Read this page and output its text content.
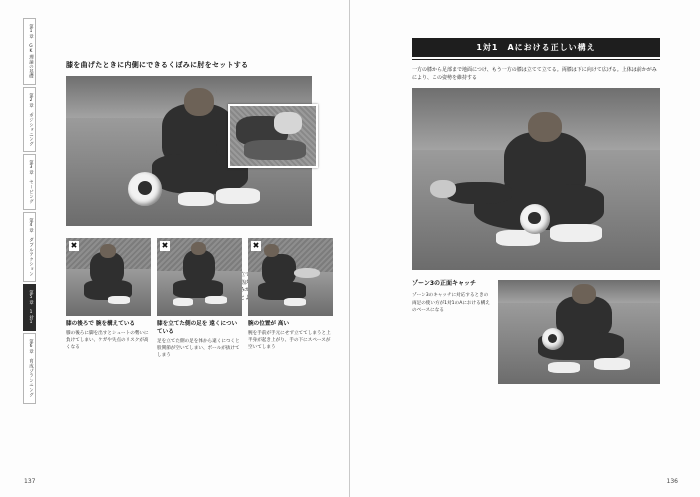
第1章　GK理論の基礎
第2章　ポジショニング
第3章　セービング
第4章　ダブルアクション
第5章　1対1
第6章　育成プランニング
膝を曲げたときに内側にできるくぼみに肘をセットする
✖
膝の後ろで 腕を構えている
膝の後ろに脚を出すとシュートの勢いに負けてしまい、ケガや失点のリスクが高くなる
✖
膝を立てた側の足を 遠くについている
足を立てた側の足を体から遠くにつくと股関節が空いてしまい、ボールが抜けてしまう
✖
腕の位置が 高い
腕を手前が手元にせず立ててしまうと上半身が起き上がり、手の下にスペースが空いてしまう
137
1対1　Aにおける正しい構え
一方の膝から足部まで地面につけ、もう一方の膝は立てて立てる。両膝は下に向けて広げる。上体は前かがみにより、この姿勢を維持する
ゾーン3の正面キャッチ
ゾーン3のキャッチに対応するときの両足の使い方が1対1のAにおける構えのベースになる
136
